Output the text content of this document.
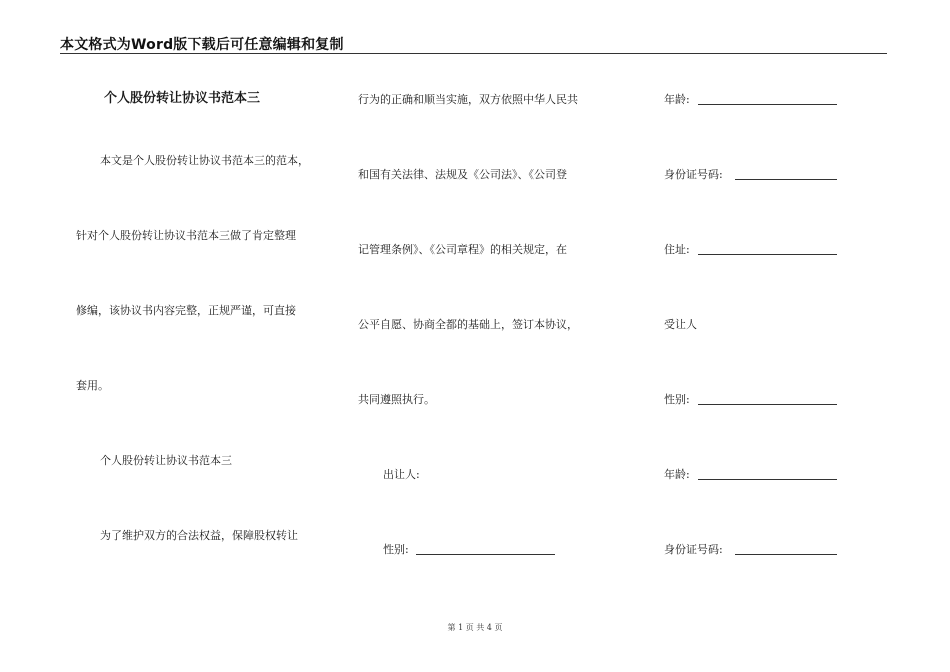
本文格式为Word版下载后可任意编辑和复制
个人股份转让协议书范本三
本文是个人股份转让协议书范本三的范本，
针对个人股份转让协议书范本三做了肯定整理
修编，该协议书内容完整，正规严谨，可直接
套用。
个人股份转让协议书范本三
为了维护双方的合法权益，保障股权转让
行为的正确和顺当实施，双方依照中华人民共
和国有关法律、法规及《公司法》、《公司登
记管理条例》、《公司章程》的相关规定，在
公平自愿、协商全都的基础上，签订本协议，
共同遵照执行。
出让人:
性别:
年龄:
身份证号码:
住址:
受让人
性别:
年龄:
身份证号码:
第 1 页 共 4 页
